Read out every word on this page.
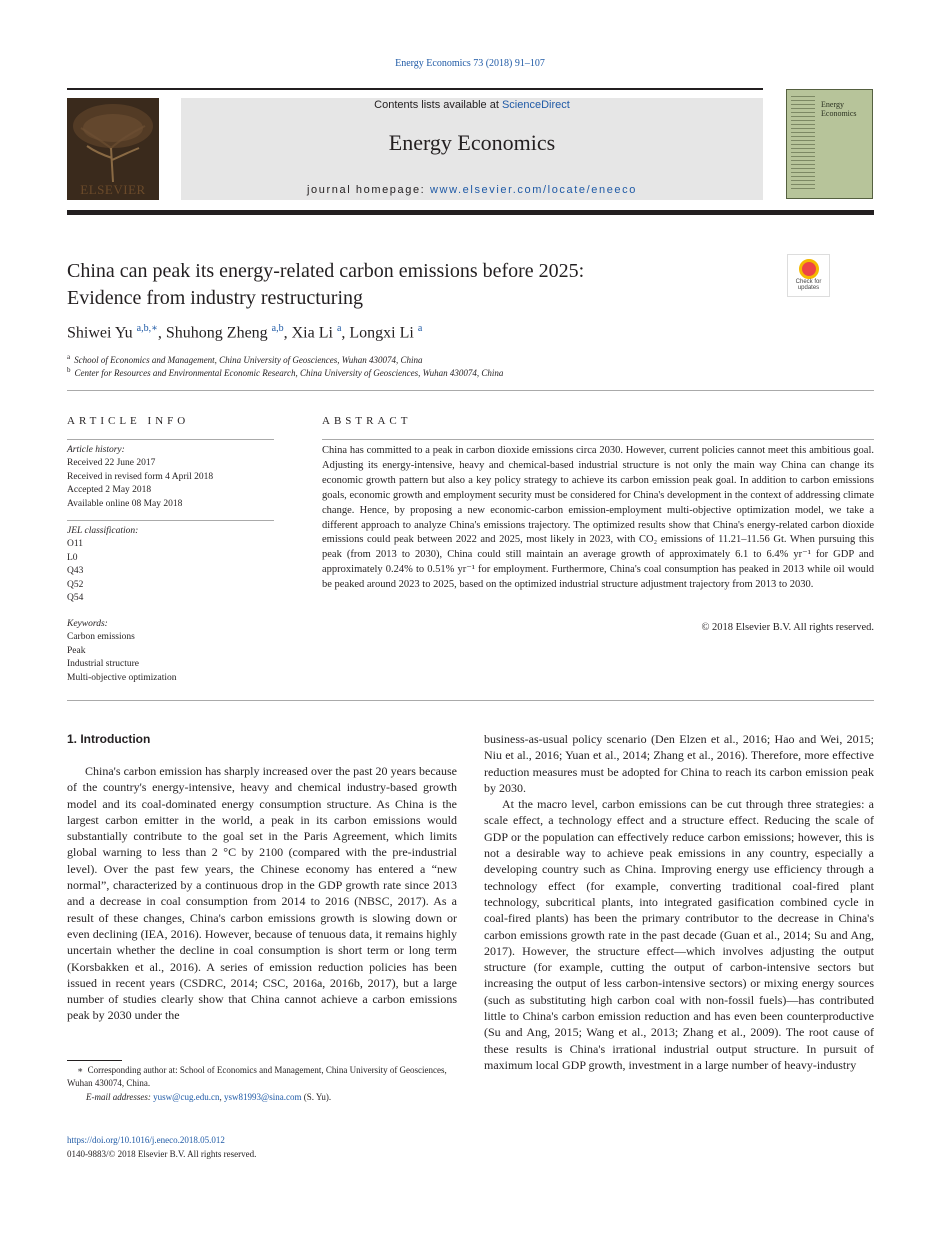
Energy Economics 73 (2018) 91–107
ELSEVIER
Contents lists available at ScienceDirect
Energy Economics
journal homepage: www.elsevier.com/locate/eneeco
Energy Economics
China can peak its energy-related carbon emissions before 2025:
Evidence from industry restructuring
Check for
updates
Shiwei Yu $^{a,b,∗}$, Shuhong Zheng $^{a,b}$, Xia Li $^a$, Longxi Li $^a$
$^a$ School of Economics and Management, China University of Geosciences, Wuhan 430074, China
$^b$ Center for Resources and Environmental Economic Research, China University of Geosciences, Wuhan 430074, China
ARTICLE INFO
Article history:
Received 22 June 2017
Received in revised form 4 April 2018
Accepted 2 May 2018
Available online 08 May 2018
JEL classification:
O11
L0
Q43
Q52
Q54
Keywords:
Carbon emissions
Peak
Industrial structure
Multi-objective optimization
ABSTRACT
China has committed to a peak in carbon dioxide emissions circa 2030. However, current policies cannot meet this ambitious goal. Adjusting its energy-intensive, heavy and chemical-based industrial structure is not only the main way China can change its economic growth pattern but also a key policy strategy to achieve its carbon emission peak goal. In addition to carbon emissions goals, economic growth and employment security must be considered for China's development in the context of addressing climate change. Hence, by proposing a new economic-carbon emission-employment multi-objective optimization model, we take a different approach to analyze China's emissions trajectory. The optimized results show that China's energy-related carbon dioxide emissions could peak between 2022 and 2025, most likely in 2023, with CO₂ emissions of 11.21–11.56 Gt. When pursuing this peak (from 2013 to 2030), China could still maintain an average growth of approximately 6.1 to 6.4% yr⁻¹ for GDP and approximately 0.24% to 0.51% yr⁻¹ for employment. Furthermore, China's coal consumption has peaked in 2013 while oil would be peaked around 2023 to 2025, based on the optimized industrial structure adjustment trajectory from 2013 to 2030.
© 2018 Elsevier B.V. All rights reserved.
1. Introduction

China's carbon emission has sharply increased over the past 20 years because of the country's energy-intensive, heavy and chemical industry-based growth model and its coal-dominated energy consumption structure. As China is the largest carbon emitter in the world, a peak in its carbon emissions would substantially contribute to the goal set in the Paris Agreement, which limits global warning to less than 2 °C by 2100 (compared with the pre-industrial level). Over the past few years, the Chinese economy has entered a “new normal”, characterized by a continuous drop in the GDP growth rate since 2013 and a decrease in coal consumption from 2014 to 2016 (NBSC, 2017). As a result of these changes, China's carbon emissions growth is slowing down or even declining (IEA, 2016). However, because of tenuous data, it remains highly uncertain whether the decline in coal consumption is short term or long term (Korsbakken et al., 2016). A series of emission reduction policies has been issued in recent years (CSDRC, 2014; CSC, 2016a, 2016b, 2017), but a large number of studies clearly show that China cannot achieve a carbon emissions peak by 2030 under the

business-as-usual policy scenario (Den Elzen et al., 2016; Hao and Wei, 2015; Niu et al., 2016; Yuan et al., 2014; Zhang et al., 2016). Therefore, more effective reduction measures must be adopted for China to reach its carbon emission peak by 2030.

At the macro level, carbon emissions can be cut through three strategies: a scale effect, a technology effect and a structure effect. Reducing the scale of GDP or the population can effectively reduce carbon emissions; however, this is not a desirable way to achieve peak emissions in any country, especially a developing country such as China. Improving energy use efficiency through a technology effect (for example, converting traditional coal-fired plant technology, subcritical plants, into integrated gasification combined cycle in coal-fired plants) has been the primary contributor to the decrease in China's carbon emissions growth rate in the past decade (Guan et al., 2014; Su and Ang, 2017). However, the structure effect—which involves adjusting the output structure (for example, cutting the output of carbon-intensive sectors but increasing the output of less carbon-intensive sectors) or mixing energy sources (such as substituting high carbon coal with non-fossil fuels)—has contributed little to China's carbon emission reduction and has even been counterproductive (Su and Ang, 2015; Wang et al., 2013; Zhang et al., 2009). The root cause of these results is China's irrational industrial output structure. In pursuit of maximum local GDP growth, investment in a large number of heavy-industry

∗ Corresponding author at: School of Economics and Management, China University of Geosciences, Wuhan 430074, China.
E-mail addresses: yusw@cug.edu.cn, ysw81993@sina.com (S. Yu).
https://doi.org/10.1016/j.eneco.2018.05.012
0140-9883/© 2018 Elsevier B.V. All rights reserved.
